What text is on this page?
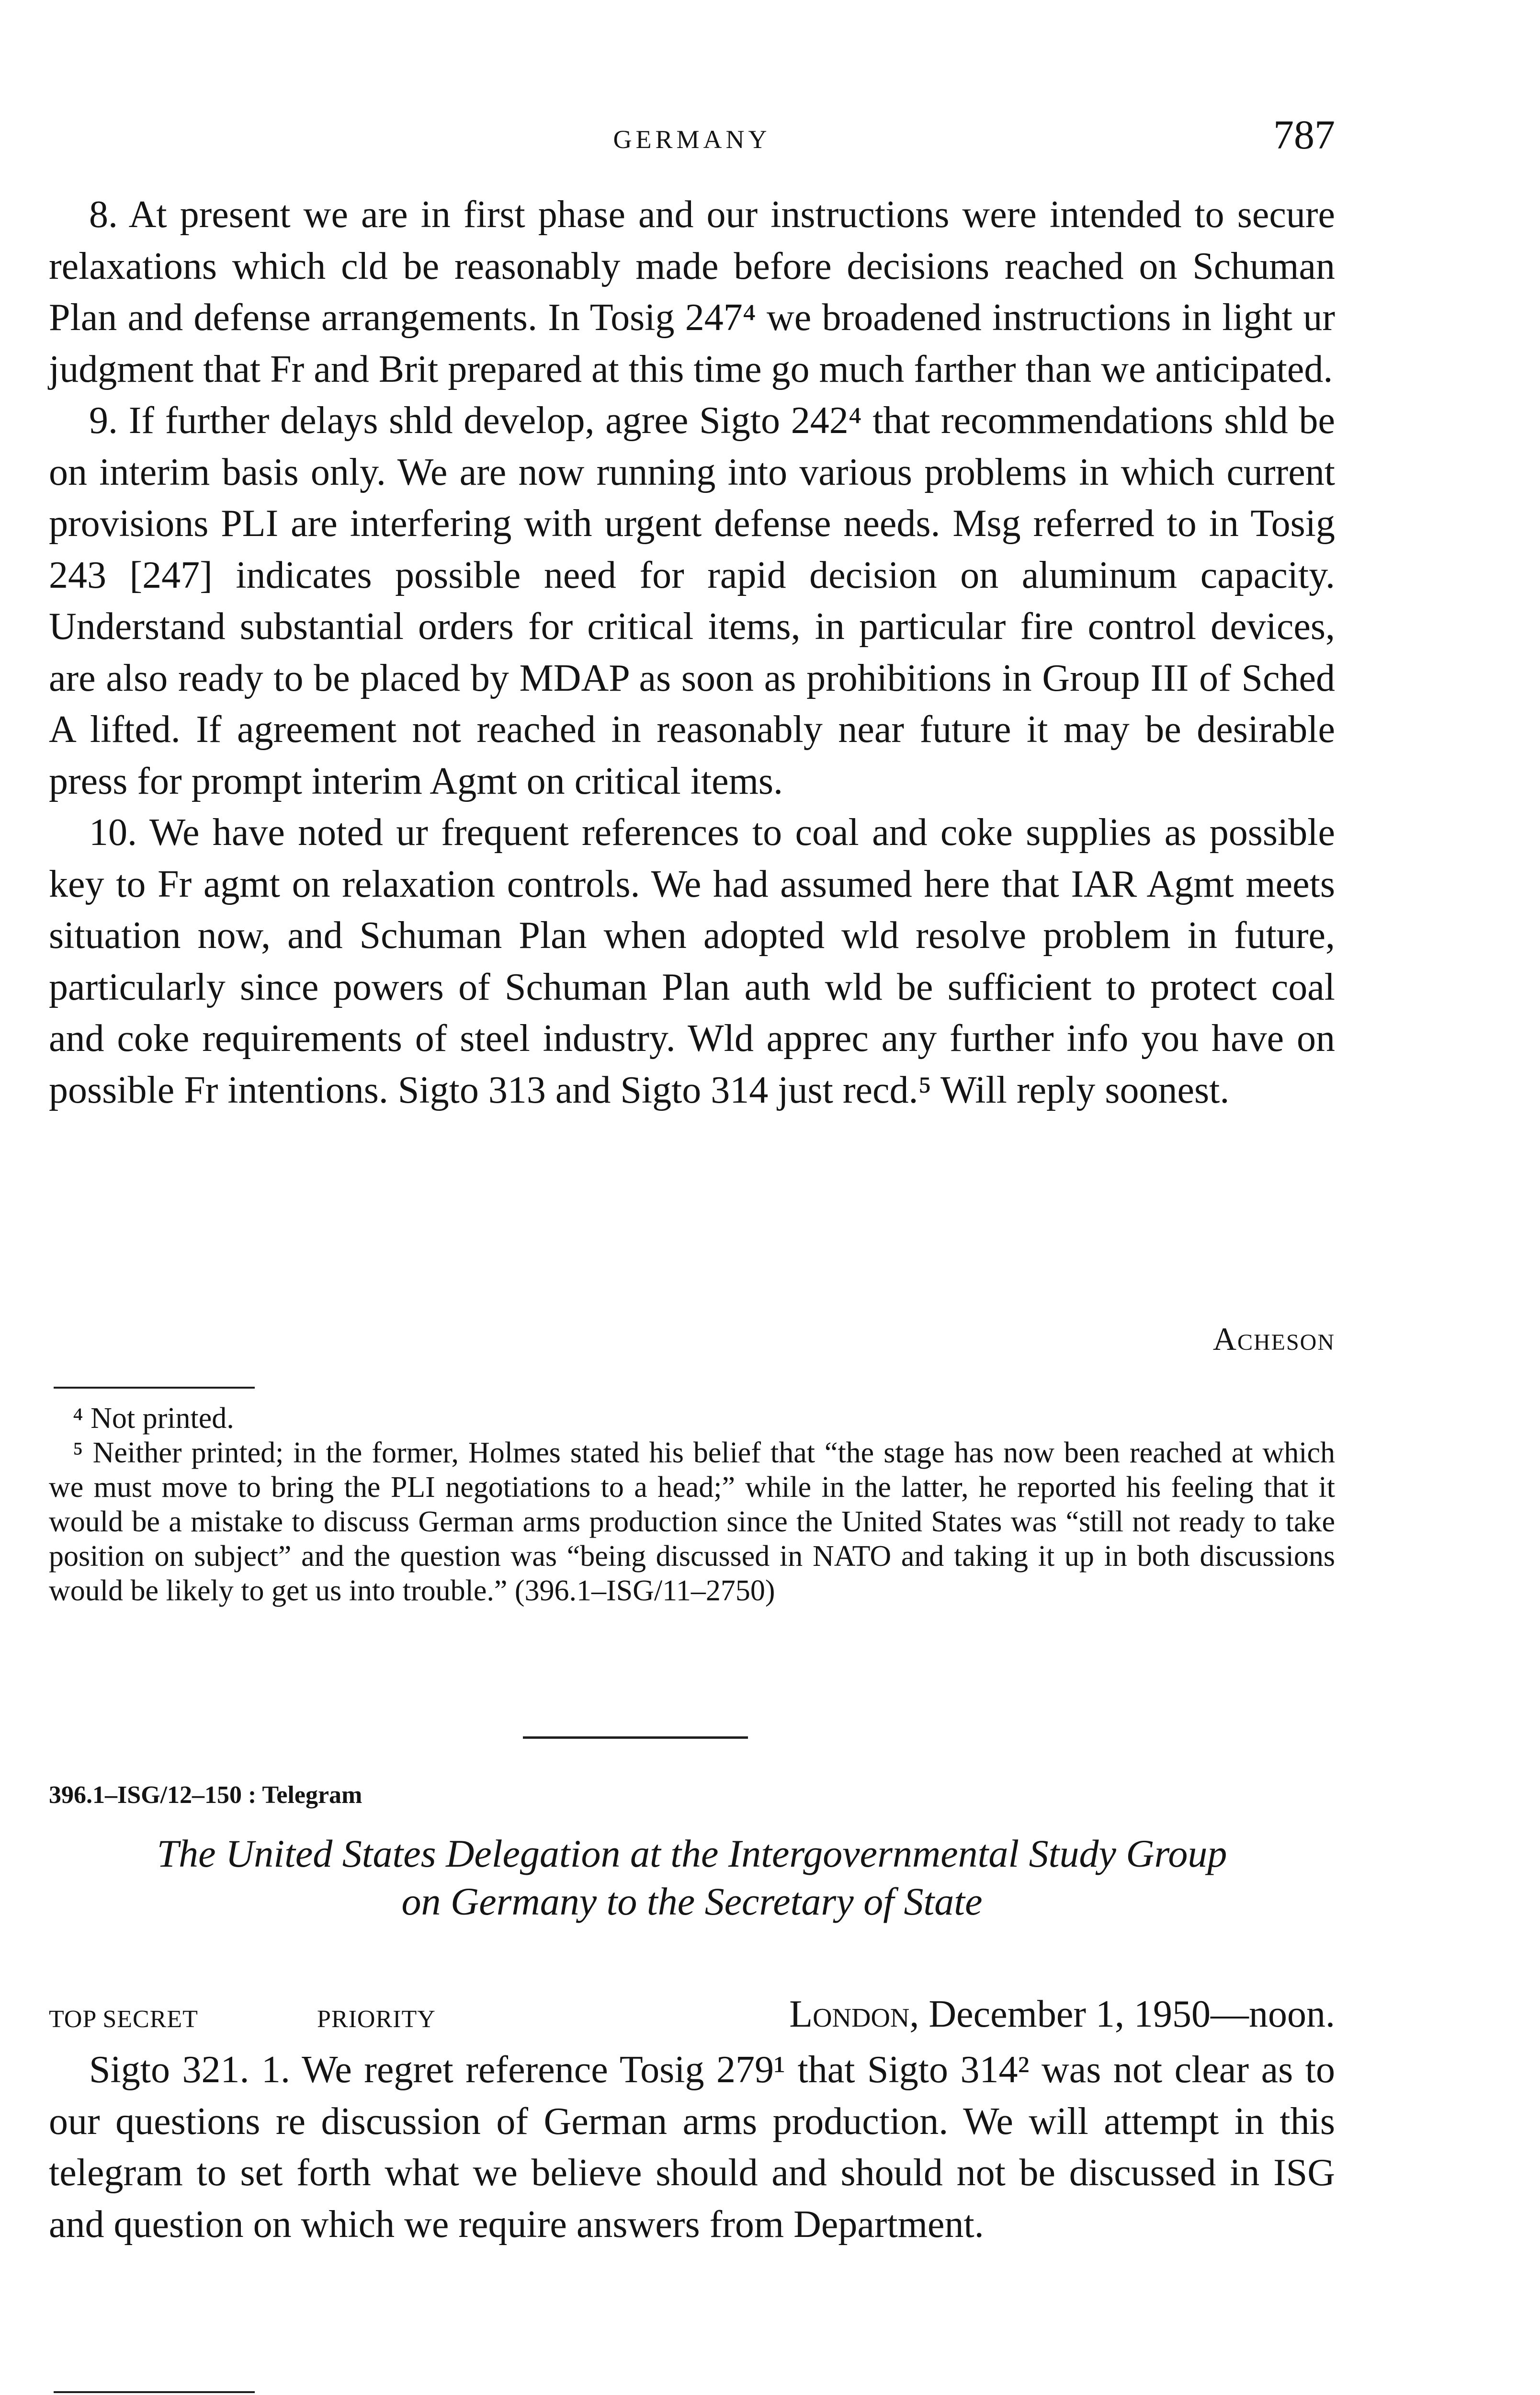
GERMANY	787

8. At present we are in first phase and our instructions were intended to secure relaxations which cld be reasonably made before decisions reached on Schuman Plan and defense arrangements. In Tosig 247⁴ we broadened instructions in light ur judgment that Fr and Brit prepared at this time go much farther than we anticipated.

9. If further delays shld develop, agree Sigto 242⁴ that recommendations shld be on interim basis only. We are now running into various problems in which current provisions PLI are interfering with urgent defense needs. Msg referred to in Tosig 243 [247] indicates possible need for rapid decision on aluminum capacity. Understand substantial orders for critical items, in particular fire control devices, are also ready to be placed by MDAP as soon as prohibitions in Group III of Sched A lifted. If agreement not reached in reasonably near future it may be desirable press for prompt interim Agmt on critical items.

10. We have noted ur frequent references to coal and coke supplies as possible key to Fr agmt on relaxation controls. We had assumed here that IAR Agmt meets situation now, and Schuman Plan when adopted wld resolve problem in future, particularly since powers of Schuman Plan auth wld be sufficient to protect coal and coke requirements of steel industry. Wld apprec any further info you have on possible Fr intentions. Sigto 313 and Sigto 314 just recd.⁵ Will reply soonest.

Acheson

⁴ Not printed.

⁵ Neither printed; in the former, Holmes stated his belief that “the stage has now been reached at which we must move to bring the PLI negotiations to a head;” while in the latter, he reported his feeling that it would be a mistake to discuss German arms production since the United States was “still not ready to take position on subject” and the question was “being discussed in NATO and taking it up in both discussions would be likely to get us into trouble.” (396.1–ISG/11–2750)

396.1–ISG/12–150 : Telegram
The United States Delegation at the Intergovernmental Study Group
on Germany to the Secretary of State
TOP SECRET	PRIORITY	London, December 1, 1950—noon.

Sigto 321. 1. We regret reference Tosig 279¹ that Sigto 314² was not clear as to our questions re discussion of German arms production. We will attempt in this telegram to set forth what we believe should and should not be discussed in ISG and question on which we require answers from Department.
